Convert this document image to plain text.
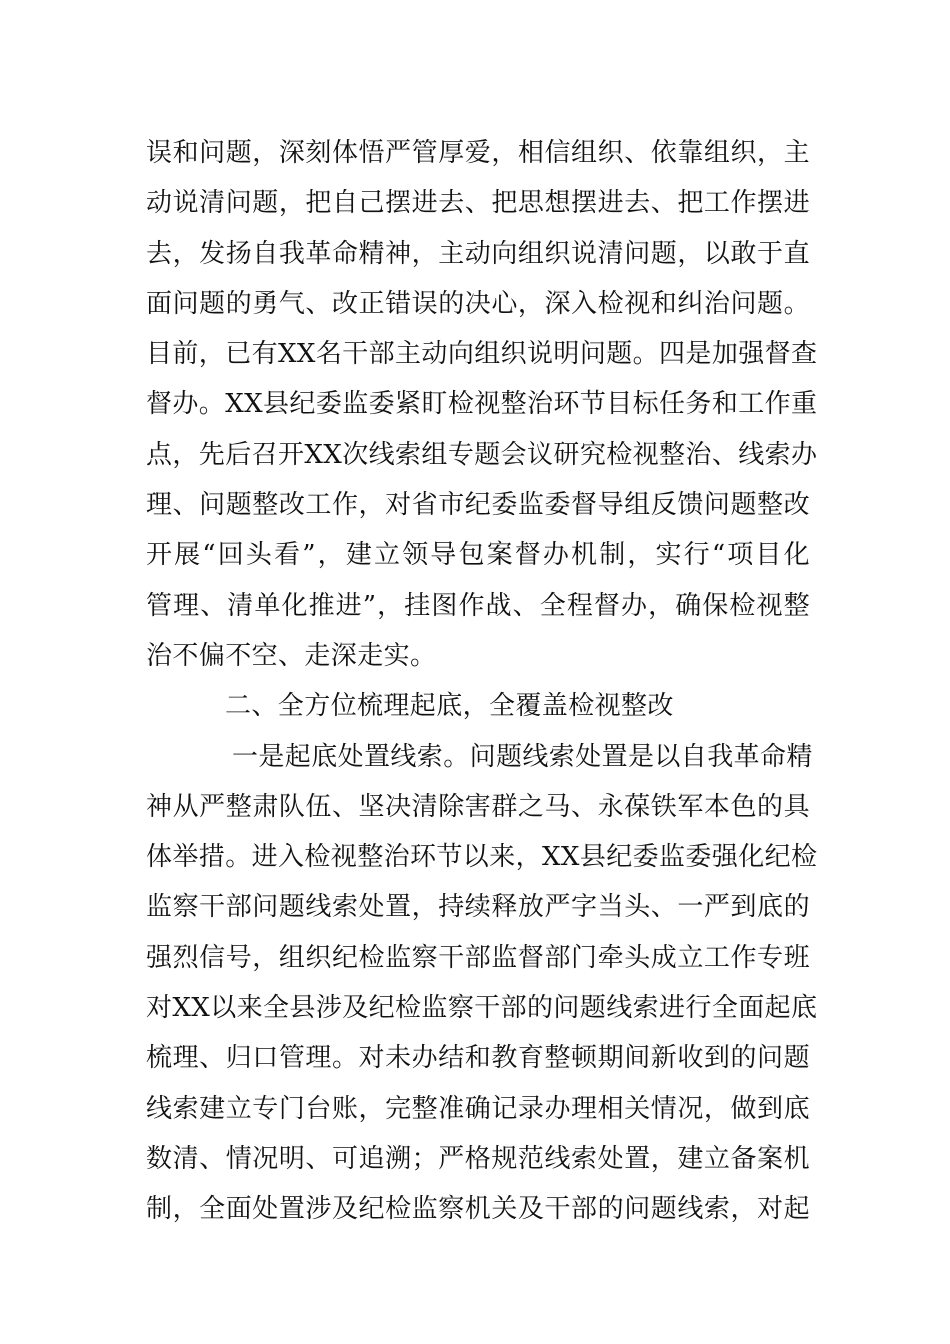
误和问题，深刻体悟严管厚爱，相信组织、依靠组织，主
动说清问题，把自己摆进去、把思想摆进去、把工作摆进
去，发扬自我革命精神，主动向组织说清问题，以敢于直
面问题的勇气、改正错误的决心，深入检视和纠治问题。
目前，已有XX名干部主动向组织说明问题。四是加强督查
督办。XX县纪委监委紧盯检视整治环节目标任务和工作重
点，先后召开XX次线索组专题会议研究检视整治、线索办
理、问题整改工作，对省市纪委监委督导组反馈问题整改
开展“回头看”，建立领导包案督办机制，实行“项目化
管理、清单化推进”，挂图作战、全程督办，确保检视整
治不偏不空、走深走实。
二、全方位梳理起底，全覆盖检视整改
一是起底处置线索。问题线索处置是以自我革命精
神从严整肃队伍、坚决清除害群之马、永葆铁军本色的具
体举措。进入检视整治环节以来，XX县纪委监委强化纪检
监察干部问题线索处置，持续释放严字当头、一严到底的
强烈信号，组织纪检监察干部监督部门牵头成立工作专班
对XX以来全县涉及纪检监察干部的问题线索进行全面起底
梳理、归口管理。对未办结和教育整顿期间新收到的问题
线索建立专门台账，完整准确记录办理相关情况，做到底
数清、情况明、可追溯；严格规范线索处置，建立备案机
制，全面处置涉及纪检监察机关及干部的问题线索，对起
